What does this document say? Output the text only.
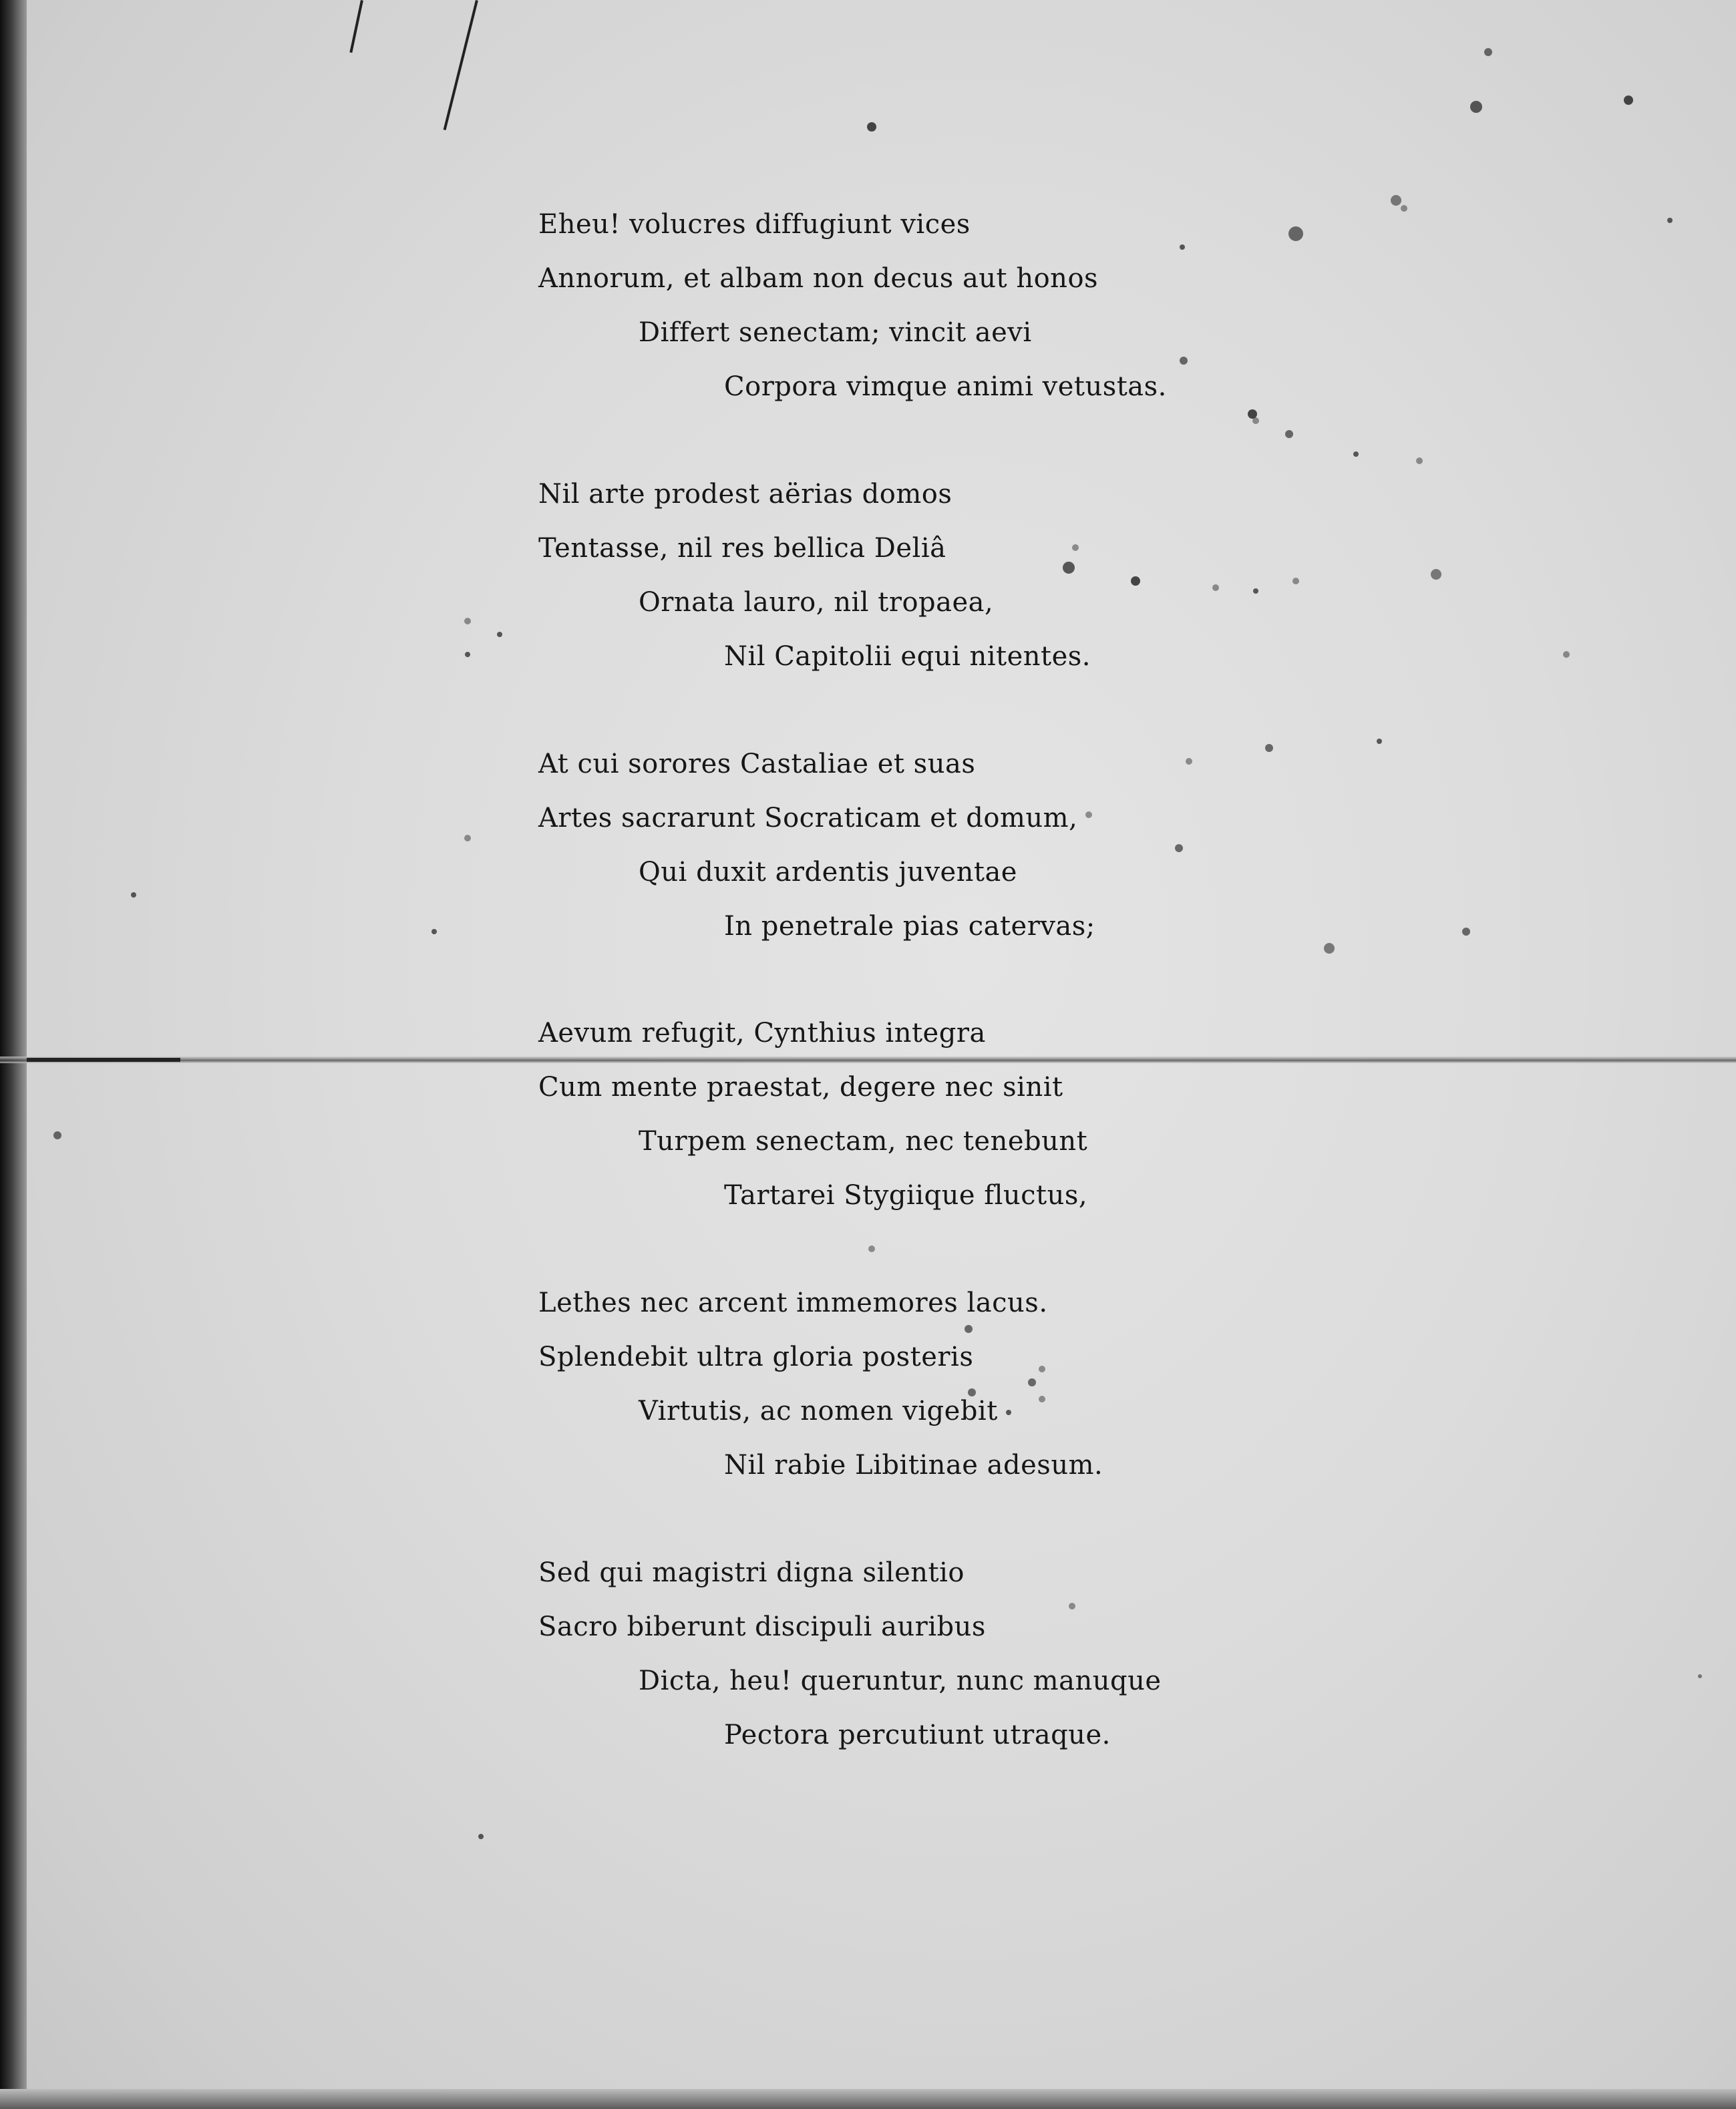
Eheu! volucres diffugiunt vices
Annorum, et albam non decus aut honos
Differt senectam; vincit aevi
Corpora vimque animi vetustas.
Nil arte prodest aërias domos
Tentasse, nil res bellica Deliâ
Ornata lauro, nil tropaea,
Nil Capitolii equi nitentes.
At cui sorores Castaliae et suas
Artes sacrarunt Socraticam et domum,
Qui duxit ardentis juventae
In penetrale pias catervas;
Aevum refugit, Cynthius integra
Cum mente praestat, degere nec sinit
Turpem senectam, nec tenebunt
Tartarei Stygiique fluctus,
Lethes nec arcent immemores lacus.
Splendebit ultra gloria posteris
Virtutis, ac nomen vigebit
Nil rabie Libitinae adesum.
Sed qui magistri digna silentio
Sacro biberunt discipuli auribus
Dicta, heu! queruntur, nunc manuque
Pectora percutiunt utraque.
